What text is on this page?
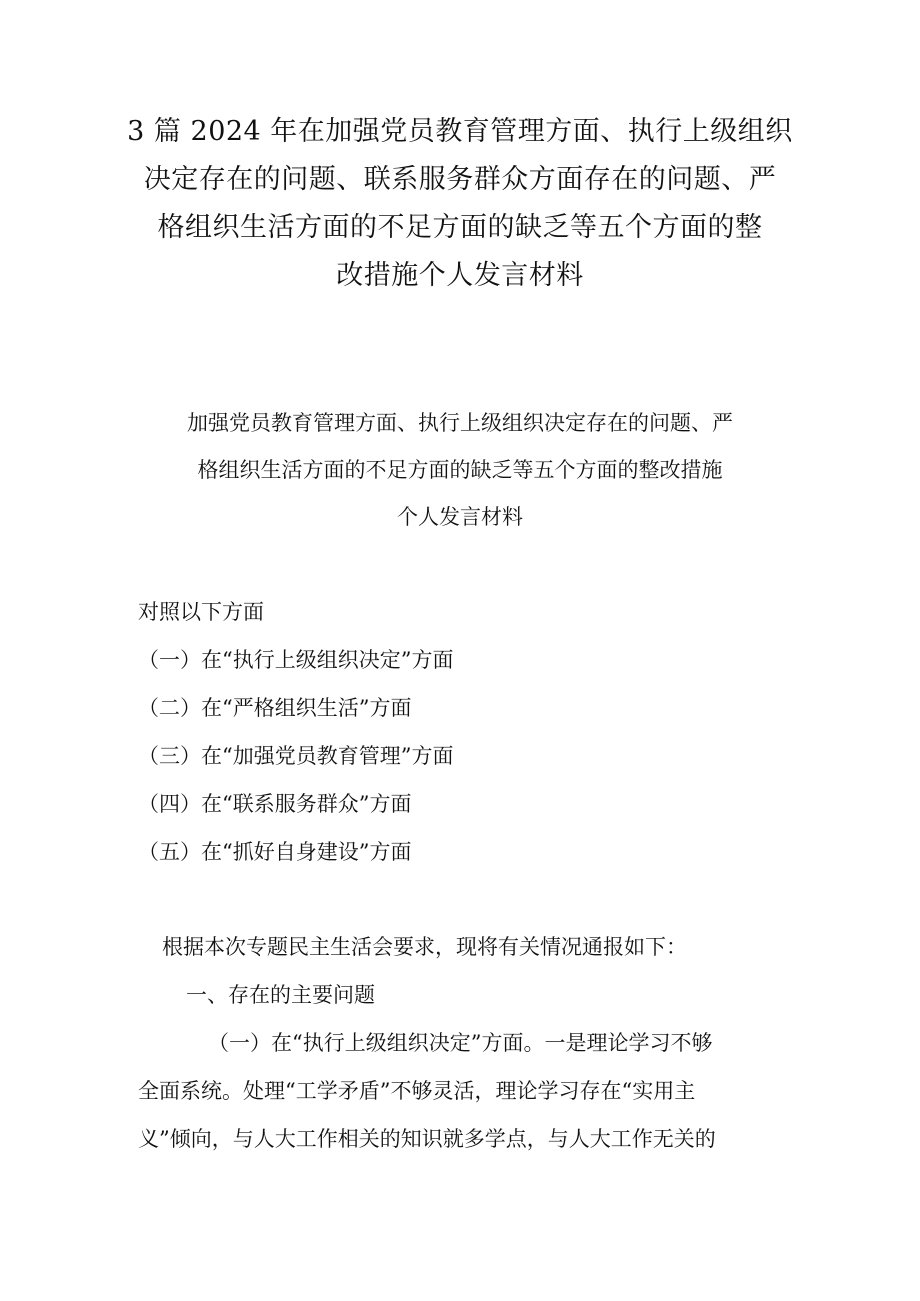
3 篇 2024 年在加强党员教育管理方面、执行上级组织
决定存在的问题、联系服务群众方面存在的问题、严
格组织生活方面的不足方面的缺乏等五个方面的整
改措施个人发言材料
加强党员教育管理方面、执行上级组织决定存在的问题、严
格组织生活方面的不足方面的缺乏等五个方面的整改措施
个人发言材料
对照以下方面
（一）在“执行上级组织决定”方面
（二）在“严格组织生活”方面
（三）在“加强党员教育管理”方面
（四）在“联系服务群众”方面
（五）在“抓好自身建设”方面
根据本次专题民主生活会要求，现将有关情况通报如下：
一、存在的主要问题
（一）在“执行上级组织决定”方面。一是理论学习不够
全面系统。处理“工学矛盾”不够灵活，理论学习存在“实用主
义”倾向，与人大工作相关的知识就多学点，与人大工作无关的
